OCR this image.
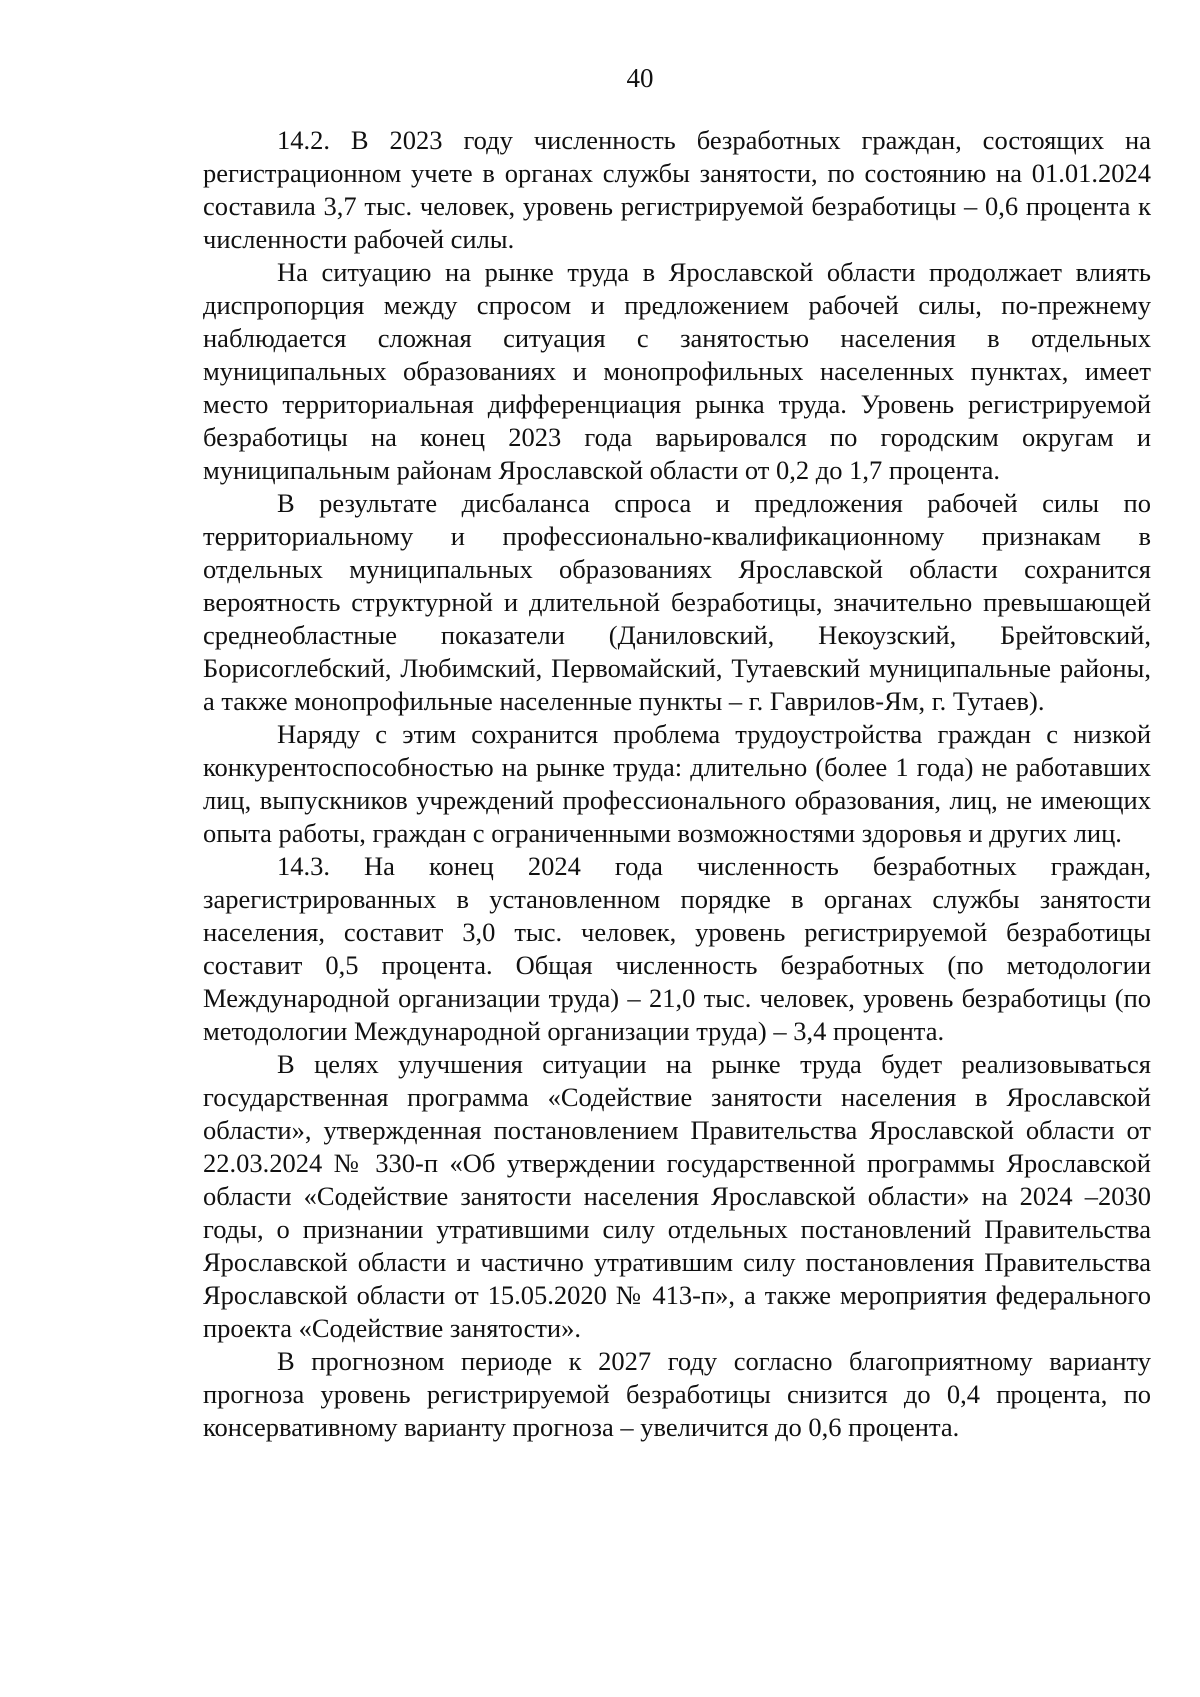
40

14.2. В 2023 году численность безработных граждан, состоящих на регистрационном учете в органах службы занятости, по состоянию на 01.01.2024 составила 3,7 тыс. человек, уровень регистрируемой безработицы – 0,6 процента к численности рабочей силы.

На ситуацию на рынке труда в Ярославской области продолжает влиять диспропорция между спросом и предложением рабочей силы, по-прежнему наблюдается сложная ситуация с занятостью населения в отдельных муниципальных образованиях и монопрофильных населенных пунктах, имеет место территориальная дифференциация рынка труда. Уровень регистрируемой безработицы на конец 2023 года варьировался по городским округам и муниципальным районам Ярославской области от 0,2 до 1,7 процента.

В результате дисбаланса спроса и предложения рабочей силы по территориальному и профессионально-квалификационному признакам в отдельных муниципальных образованиях Ярославской области сохранится вероятность структурной и длительной безработицы, значительно превышающей среднеобластные показатели (Даниловский, Некоузский, Брейтовский, Борисоглебский, Любимский, Первомайский, Тутаевский муниципальные районы, а также монопрофильные населенные пункты – г. Гаврилов-Ям, г. Тутаев).

Наряду с этим сохранится проблема трудоустройства граждан с низкой конкурентоспособностью на рынке труда: длительно (более 1 года) не работавших лиц, выпускников учреждений профессионального образования, лиц, не имеющих опыта работы, граждан с ограниченными возможностями здоровья и других лиц.

14.3. На конец 2024 года численность безработных граждан, зарегистрированных в установленном порядке в органах службы занятости населения, составит 3,0 тыс. человек, уровень регистрируемой безработицы составит 0,5 процента. Общая численность безработных (по методологии Международной организации труда) – 21,0 тыс. человек, уровень безработицы (по методологии Международной организации труда) – 3,4 процента.

В целях улучшения ситуации на рынке труда будет реализовываться государственная программа «Содействие занятости населения в Ярославской области», утвержденная постановлением Правительства Ярославской области от 22.03.2024 № 330-п «Об утверждении государственной программы Ярославской области «Содействие занятости населения Ярославской области» на 2024 –2030 годы, о признании утратившими силу отдельных постановлений Правительства Ярославской области и частично утратившим силу постановления Правительства Ярославской области от 15.05.2020 № 413-п», а также мероприятия федерального проекта «Содействие занятости».

В прогнозном периоде к 2027 году согласно благоприятному варианту прогноза уровень регистрируемой безработицы снизится до 0,4 процента, по консервативному варианту прогноза – увеличится до 0,6 процента.
